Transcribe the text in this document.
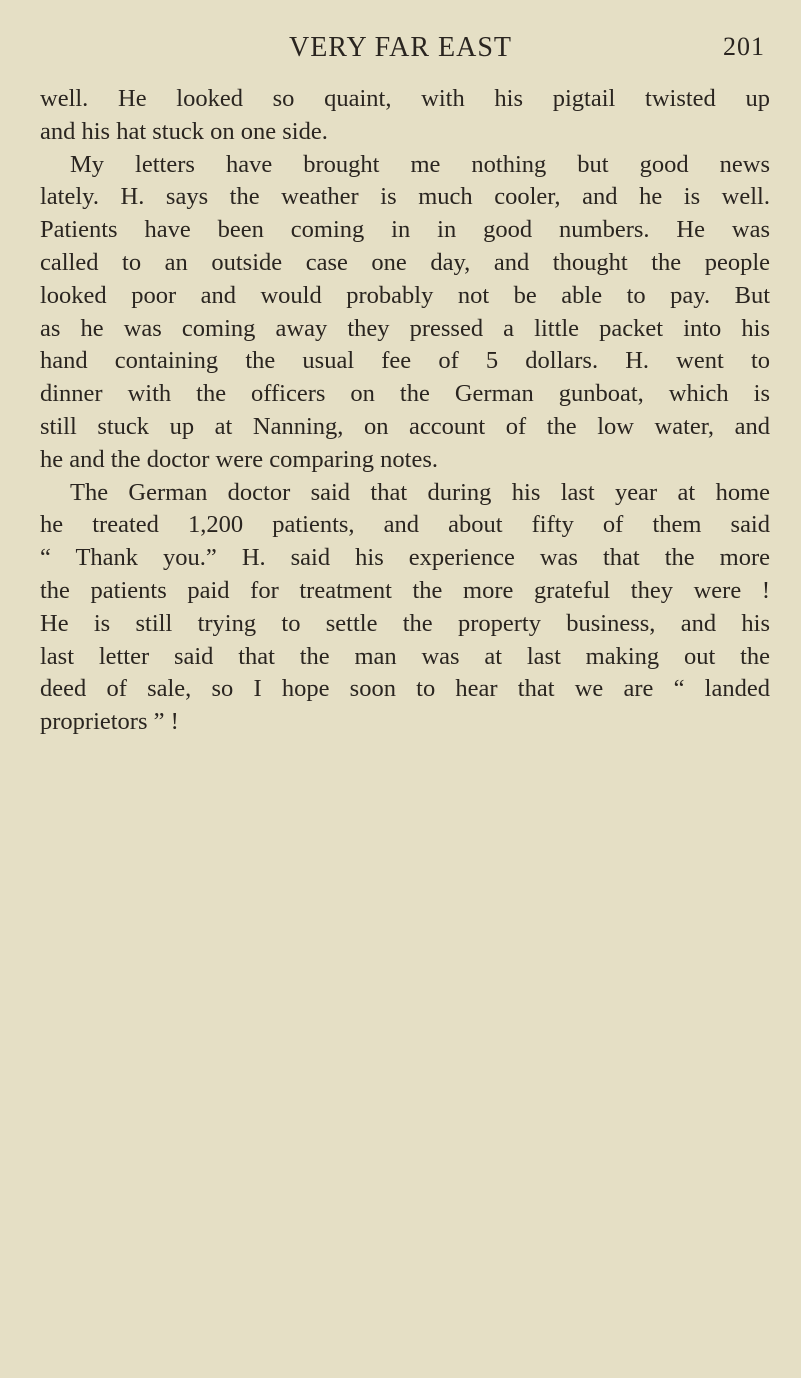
VERY FAR EAST	201
well. He looked so quaint, with his pigtail twisted up
and his hat stuck on one side.
My letters have brought me nothing but good news
lately. H. says the weather is much cooler, and he is well.
Patients have been coming in in good numbers. He was
called to an outside case one day, and thought the people
looked poor and would probably not be able to pay. But
as he was coming away they pressed a little packet into his
hand containing the usual fee of 5 dollars. H. went to
dinner with the officers on the German gunboat, which is
still stuck up at Nanning, on account of the low water, and
he and the doctor were comparing notes.
The German doctor said that during his last year at home
he treated 1,200 patients, and about fifty of them said
“ Thank you.” H. said his experience was that the more
the patients paid for treatment the more grateful they were !
He is still trying to settle the property business, and his
last letter said that the man was at last making out the
deed of sale, so I hope soon to hear that we are “ landed
proprietors ” !
